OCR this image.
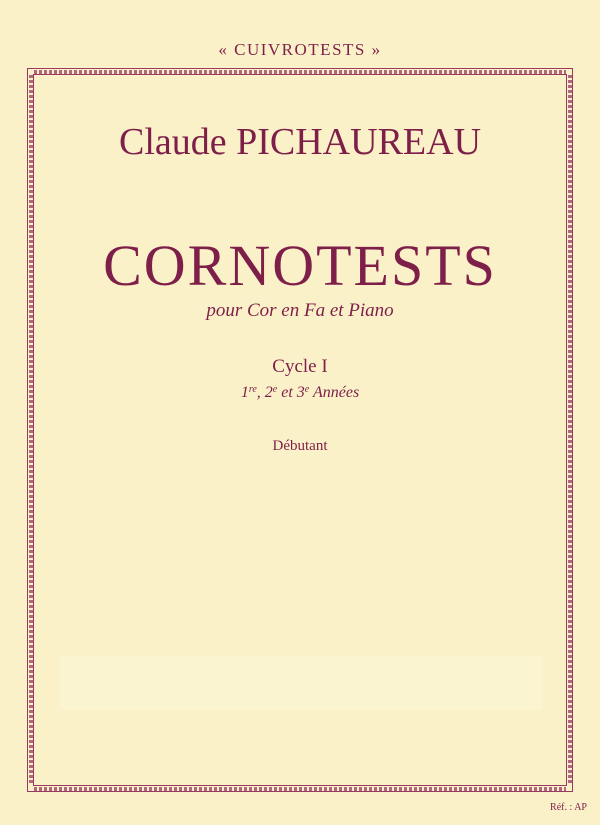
« CUIVROTESTS »
Claude PICHAUREAU
CORNOTESTS
pour Cor en Fa et Piano
Cycle I
1re, 2e et 3e Années
Débutant
Réf. : AP
